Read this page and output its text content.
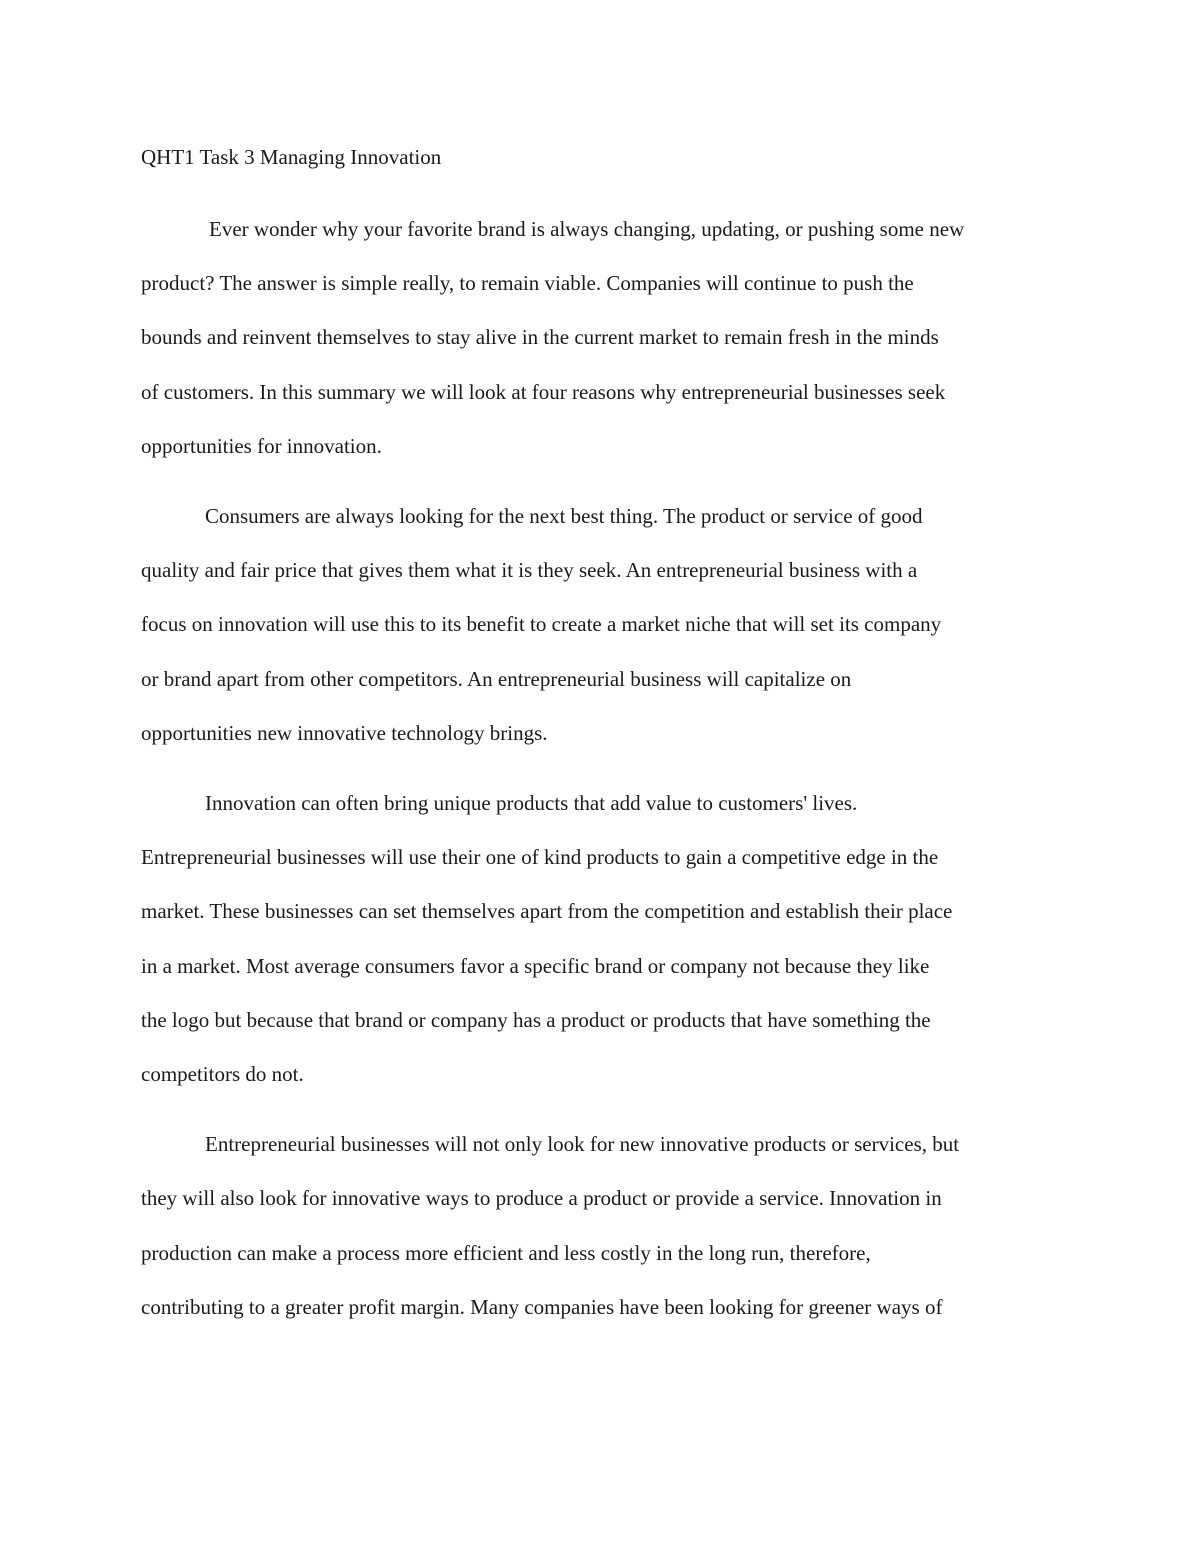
QHT1 Task 3 Managing Innovation

Ever wonder why your favorite brand is always changing, updating, or pushing some new
product? The answer is simple really, to remain viable. Companies will continue to push the
bounds and reinvent themselves to stay alive in the current market to remain fresh in the minds
of customers. In this summary we will look at four reasons why entrepreneurial businesses seek
opportunities for innovation.

Consumers are always looking for the next best thing. The product or service of good
quality and fair price that gives them what it is they seek. An entrepreneurial business with a
focus on innovation will use this to its benefit to create a market niche that will set its company
or brand apart from other competitors. An entrepreneurial business will capitalize on
opportunities new innovative technology brings.

Innovation can often bring unique products that add value to customers' lives.
Entrepreneurial businesses will use their one of kind products to gain a competitive edge in the
market. These businesses can set themselves apart from the competition and establish their place
in a market. Most average consumers favor a specific brand or company not because they like
the logo but because that brand or company has a product or products that have something the
competitors do not.

Entrepreneurial businesses will not only look for new innovative products or services, but
they will also look for innovative ways to produce a product or provide a service. Innovation in
production can make a process more efficient and less costly in the long run, therefore,
contributing to a greater profit margin. Many companies have been looking for greener ways of
